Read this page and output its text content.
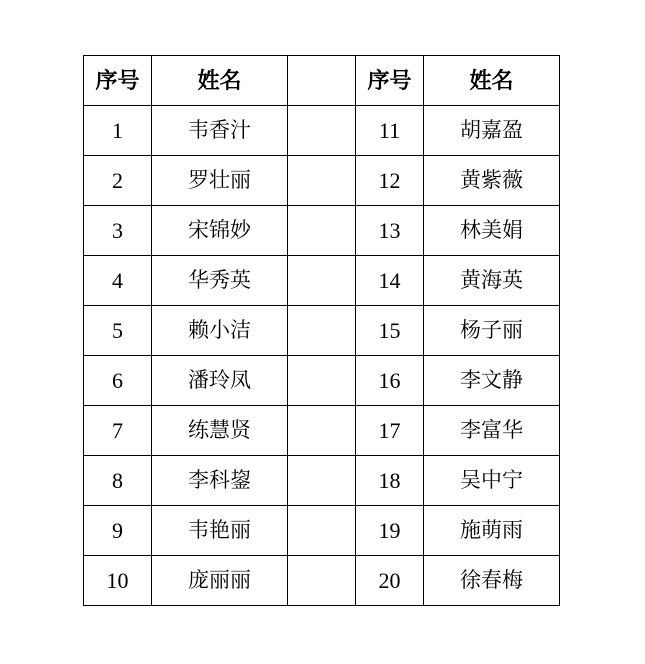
序号	姓名		序号	姓名
1	韦香汁		11	胡嘉盈
2	罗壮丽		12	黄紫薇
3	宋锦妙		13	林美娟
4	华秀英		14	黄海英
5	赖小洁		15	杨子丽
6	潘玲凤		16	李文静
7	练慧贤		17	李富华
8	李科鋆		18	吴中宁
9	韦艳丽		19	施萌雨
10	庞丽丽		20	徐春梅
